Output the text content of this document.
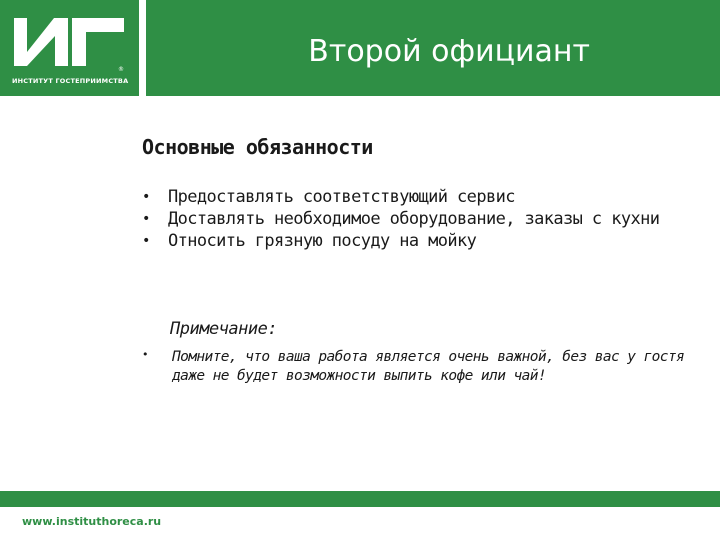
®
ИНСТИТУТ ГОСТЕПРИИМСТВА
Второй официант
Основные обязанности
• Предоставлять соответствующий сервис
• Доставлять необходимое оборудование, заказы с кухни
• Относить грязную посуду на мойку
Примечание:
• Помните, что ваша работа является очень важной, без вас у гостя даже не будет возможности выпить кофе или чай!
www.instituthoreca.ru
